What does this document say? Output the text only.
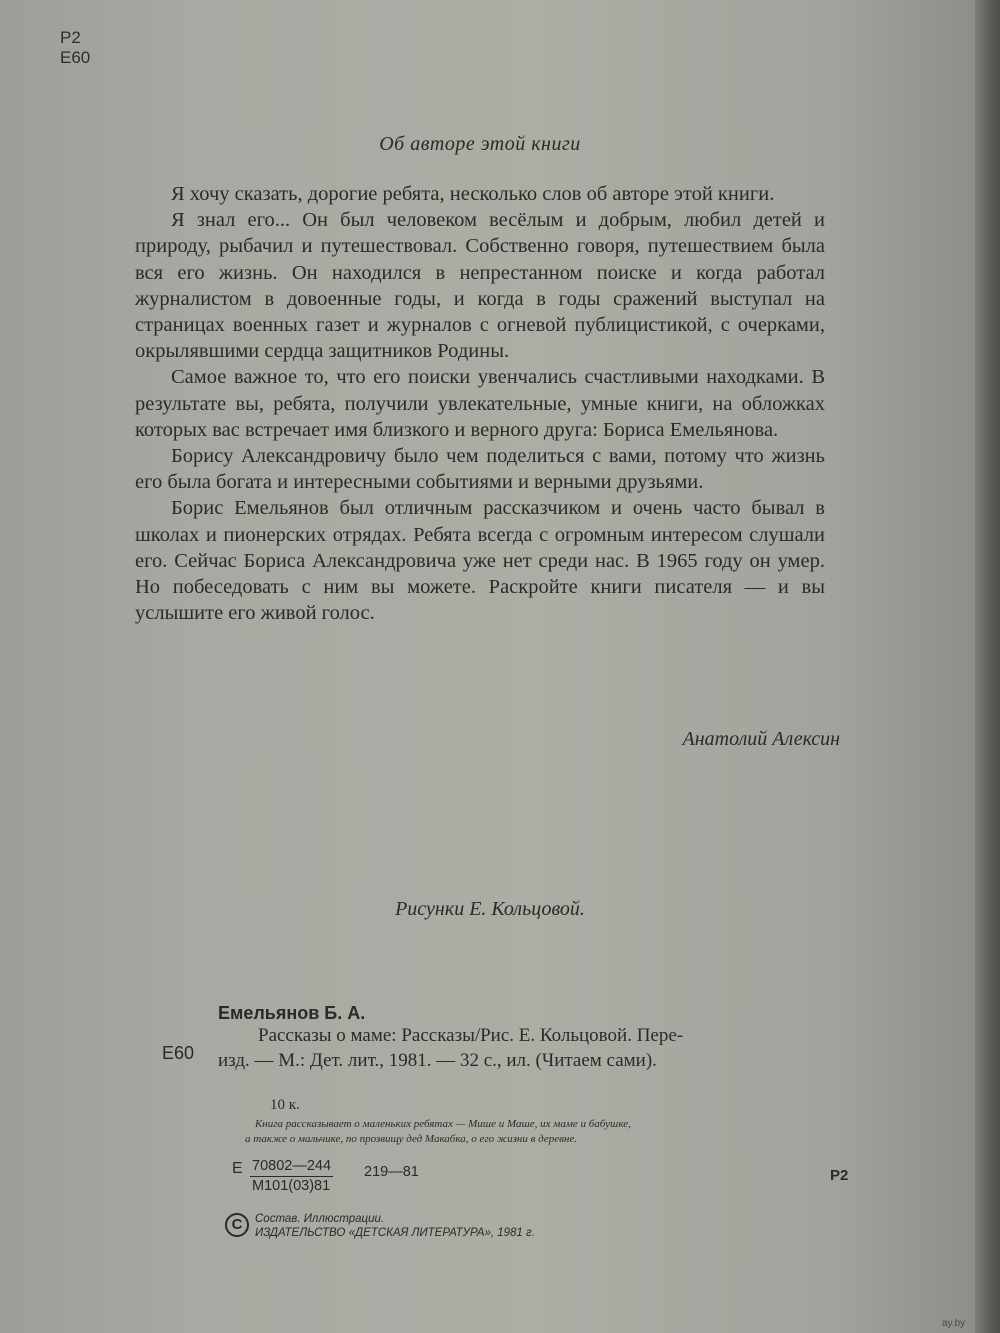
Р2
Е60
Об авторе этой книги

Я хочу сказать, дорогие ребята, несколько слов об авторе этой книги.

Я знал его... Он был человеком весёлым и добрым, любил детей и природу, рыбачил и путешествовал. Собственно говоря, путешествием была вся его жизнь. Он находился в непрестанном поиске и когда работал журналистом в довоенные годы, и когда в годы сражений выступал на страницах военных газет и журналов с огневой публицистикой, с очерками, окрылявшими сердца защитников Родины.

Самое важное то, что его поиски увенчались счастливыми находками. В результате вы, ребята, получили увлекательные, умные книги, на обложках которых вас встречает имя близкого и верного друга: Бориса Емельянова.

Борису Александровичу было чем поделиться с вами, потому что жизнь его была богата и интересными событиями и верными друзьями.

Борис Емельянов был отличным рассказчиком и очень часто бывал в школах и пионерских отрядах. Ребята всегда с огромным интересом слушали его. Сейчас Бориса Александровича уже нет среди нас. В 1965 году он умер. Но побеседовать с ним вы можете. Раскройте книги писателя — и вы услышите его живой голос.

Анатолий Алексин
Рисунки Е. Кольцовой.
Емельянов Б. А.
Е60
Рассказы о маме: Рассказы/Рис. Е. Кольцовой. Пере-
изд. — М.: Дет. лит., 1981. — 32 с., ил. (Читаем сами).
10 к.
Книга рассказывает о маленьких ребятах — Мише и Маше, их маме и бабушке,
а также о мальчике, по прозвищу дед Макабка, о его жизни в деревне.
Е 70802—244
М101(03)81
219—81	Р2
C	Состав. Иллюстрации.
ИЗДАТЕЛЬСТВО «ДЕТСКАЯ ЛИТЕРАТУРА», 1981 г.
ay.by
